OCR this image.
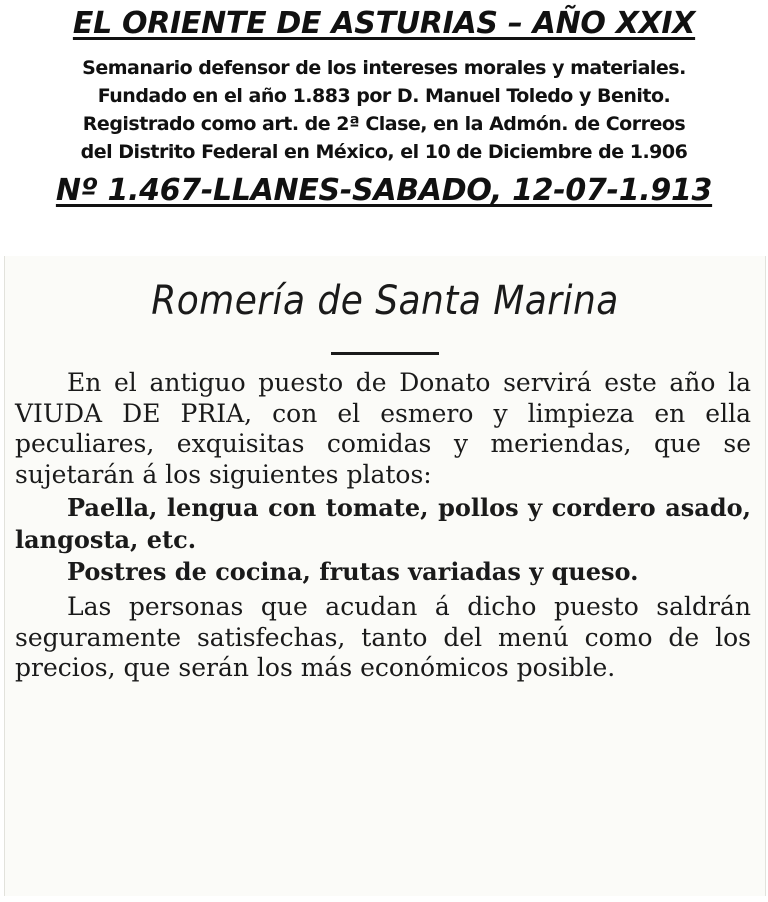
EL ORIENTE DE ASTURIAS – AÑO XXIX
Semanario defensor de los intereses morales y materiales.
Fundado en el año 1.883 por D. Manuel Toledo y Benito.
Registrado como art. de 2ª Clase, en la Admón. de Correos
del Distrito Federal en México, el 10 de Diciembre de 1.906
Nº 1.467-LLANES-SABADO, 12-07-1.913
Romería de Santa Marina

En el antiguo puesto de Donato servirá este año la VIUDA DE PRIA, con el esmero y limpieza en ella peculiares, exquisitas comidas y meriendas, que se sujetarán á los siguientes platos:

Paella, lengua con tomate, pollos y cordero asado, langosta, etc.

Postres de cocina, frutas variadas y queso.

Las personas que acudan á dicho puesto saldrán seguramente satisfechas, tanto del menú como de los precios, que serán los más económicos posible.
